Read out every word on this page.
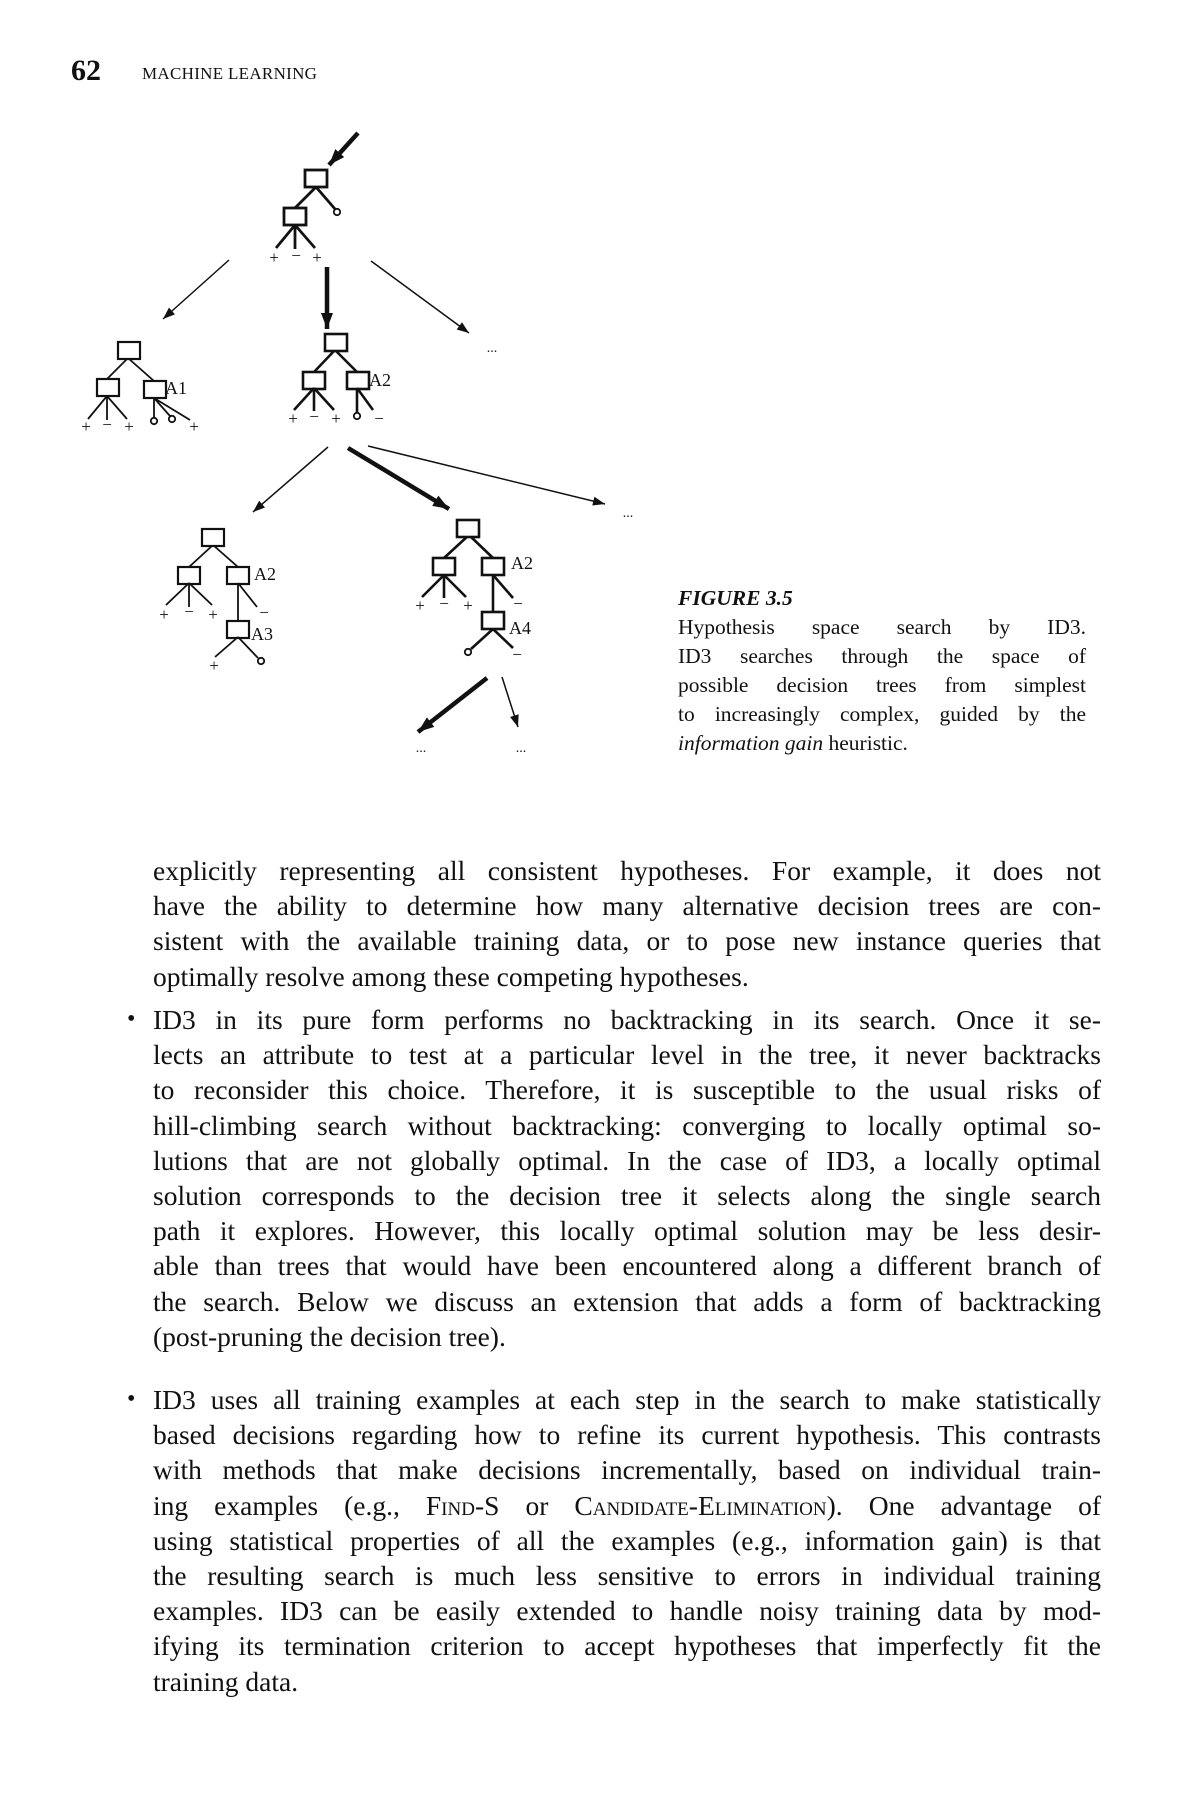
62 MACHINE LEARNING
+ − +
...
+ − +	+
A1
+ − + −
A2
...
+ − + −
+
A2
A3
+ − + −
−
A2
A4
...	...
FIGURE 3.5
Hypothesis space search by ID3.
ID3 searches through the space of
possible decision trees from simplest
to increasingly complex, guided by the
information gain heuristic.
explicitly representing all consistent hypotheses. For example, it does not
have the ability to determine how many alternative decision trees are con-
sistent with the available training data, or to pose new instance queries that
optimally resolve among these competing hypotheses.
• ID3 in its pure form performs no backtracking in its search. Once it se-
lects an attribute to test at a particular level in the tree, it never backtracks
to reconsider this choice. Therefore, it is susceptible to the usual risks of
hill-climbing search without backtracking: converging to locally optimal so-
lutions that are not globally optimal. In the case of ID3, a locally optimal
solution corresponds to the decision tree it selects along the single search
path it explores. However, this locally optimal solution may be less desir-
able than trees that would have been encountered along a different branch of
the search. Below we discuss an extension that adds a form of backtracking
(post-pruning the decision tree).
• ID3 uses all training examples at each step in the search to make statistically
based decisions regarding how to refine its current hypothesis. This contrasts
with methods that make decisions incrementally, based on individual train-
ing examples (e.g., Find-S or Candidate-Elimination). One advantage of
using statistical properties of all the examples (e.g., information gain) is that
the resulting search is much less sensitive to errors in individual training
examples. ID3 can be easily extended to handle noisy training data by mod-
ifying its termination criterion to accept hypotheses that imperfectly fit the
training data.
